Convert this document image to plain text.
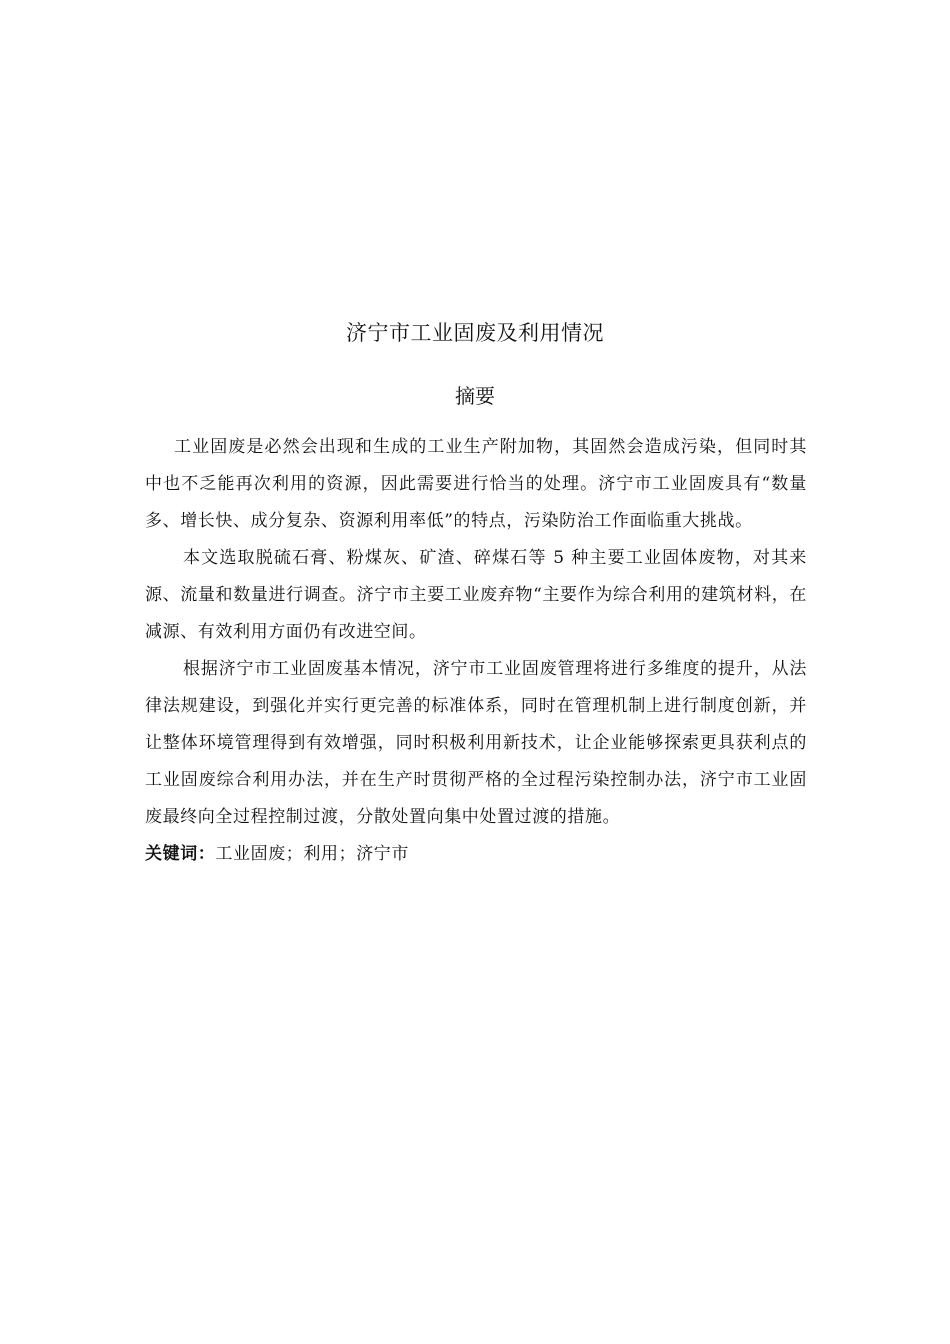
济宁市工业固废及利用情况
摘要

工业固废是必然会出现和生成的工业生产附加物，其固然会造成污染，但同时其中也不乏能再次利用的资源，因此需要进行恰当的处理。济宁市工业固废具有“数量多、增长快、成分复杂、资源利用率低”的特点，污染防治工作面临重大挑战。

本文选取脱硫石膏、粉煤灰、矿渣、碎煤石等 5 种主要工业固体废物，对其来源、流量和数量进行调查。济宁市主要工业废弃物“主要作为综合利用的建筑材料，在减源、有效利用方面仍有改进空间。

根据济宁市工业固废基本情况，济宁市工业固废管理将进行多维度的提升，从法律法规建设，到强化并实行更完善的标准体系，同时在管理机制上进行制度创新，并让整体环境管理得到有效增强，同时积极利用新技术，让企业能够探索更具获利点的工业固废综合利用办法，并在生产时贯彻严格的全过程污染控制办法，济宁市工业固废最终向全过程控制过渡，分散处置向集中处置过渡的措施。

关键词：工业固废；利用；济宁市
